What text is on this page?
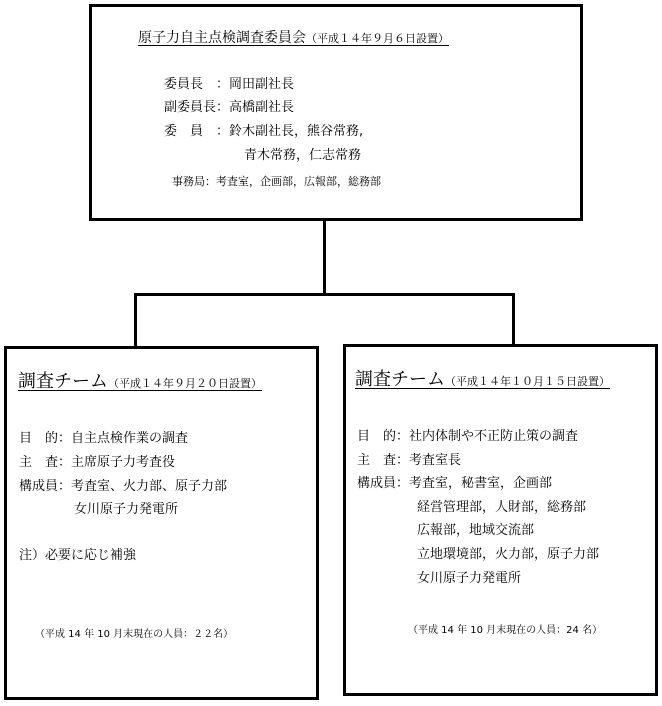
原子力自主点検調査委員会（平成１４年９月６日設置）
委員長　：岡田副社長
副委員長：高橋副社長
委　員　：鈴木副社長，熊谷常務,
青木常務，仁志常務
事務局：考査室，企画部，広報部，総務部
調査チーム（平成１４年９月２０日設置）
目　的：自主点検作業の調査
主　査：主席原子力考査役
構成員：考査室、火力部、原子力部
女川原子力発電所
注）必要に応じ補強
（平成 14 年 10 月末現在の人員：２２名）
調査チーム（平成１４年１０月１５日設置）
目　的：社内体制や不正防止策の調査
主　査：考査室長
構成員：考査室，秘書室，企画部
経営管理部，人財部，総務部
広報部，地域交流部
立地環境部，火力部，原子力部
女川原子力発電所
（平成 14 年 10 月末現在の人員：24 名）
